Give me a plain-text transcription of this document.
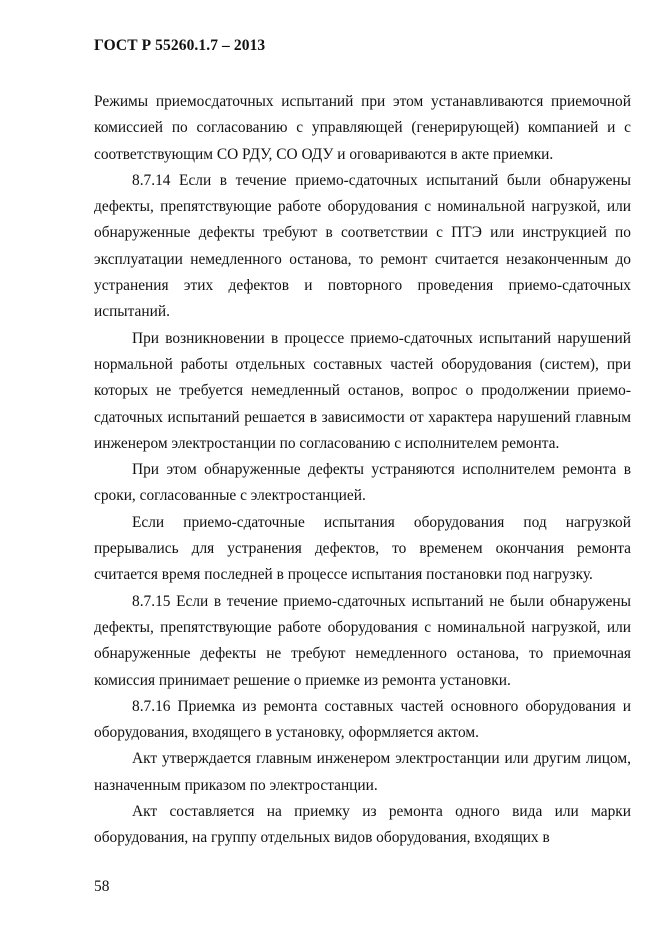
ГОСТ Р 55260.1.7 – 2013

Режимы приемосдаточных испытаний при этом устанавливаются приемочной комиссией по согласованию с управляющей (генерирующей) компанией и с соответствующим СО РДУ, СО ОДУ и оговариваются в акте приемки.

8.7.14 Если в течение приемо-сдаточных испытаний были обнаружены дефекты, препятствующие работе оборудования с номинальной нагрузкой, или обнаруженные дефекты требуют в соответствии с ПТЭ или инструкцией по эксплуатации немедленного останова, то ремонт считается незаконченным до устранения этих дефектов и повторного проведения приемо-сдаточных испытаний.

При возникновении в процессе приемо-сдаточных испытаний нарушений нормальной работы отдельных составных частей оборудования (систем), при которых не требуется немедленный останов, вопрос о продолжении приемо-сдаточных испытаний решается в зависимости от характера нарушений главным инженером электростанции по согласованию с исполнителем ремонта.

При этом обнаруженные дефекты устраняются исполнителем ремонта в сроки, согласованные с электростанцией.

Если приемо-сдаточные испытания оборудования под нагрузкой прерывались для устранения дефектов, то временем окончания ремонта считается время последней в процессе испытания постановки под нагрузку.

8.7.15 Если в течение приемо-сдаточных испытаний не были обнаружены дефекты, препятствующие работе оборудования с номинальной нагрузкой, или обнаруженные дефекты не требуют немедленного останова, то приемочная комиссия принимает решение о приемке из ремонта установки.

8.7.16 Приемка из ремонта составных частей основного оборудования и оборудования, входящего в установку, оформляется актом.

Акт утверждается главным инженером электростанции или другим лицом, назначенным приказом по электростанции.

Акт составляется на приемку из ремонта одного вида или марки оборудования, на группу отдельных видов оборудования, входящих в

58
